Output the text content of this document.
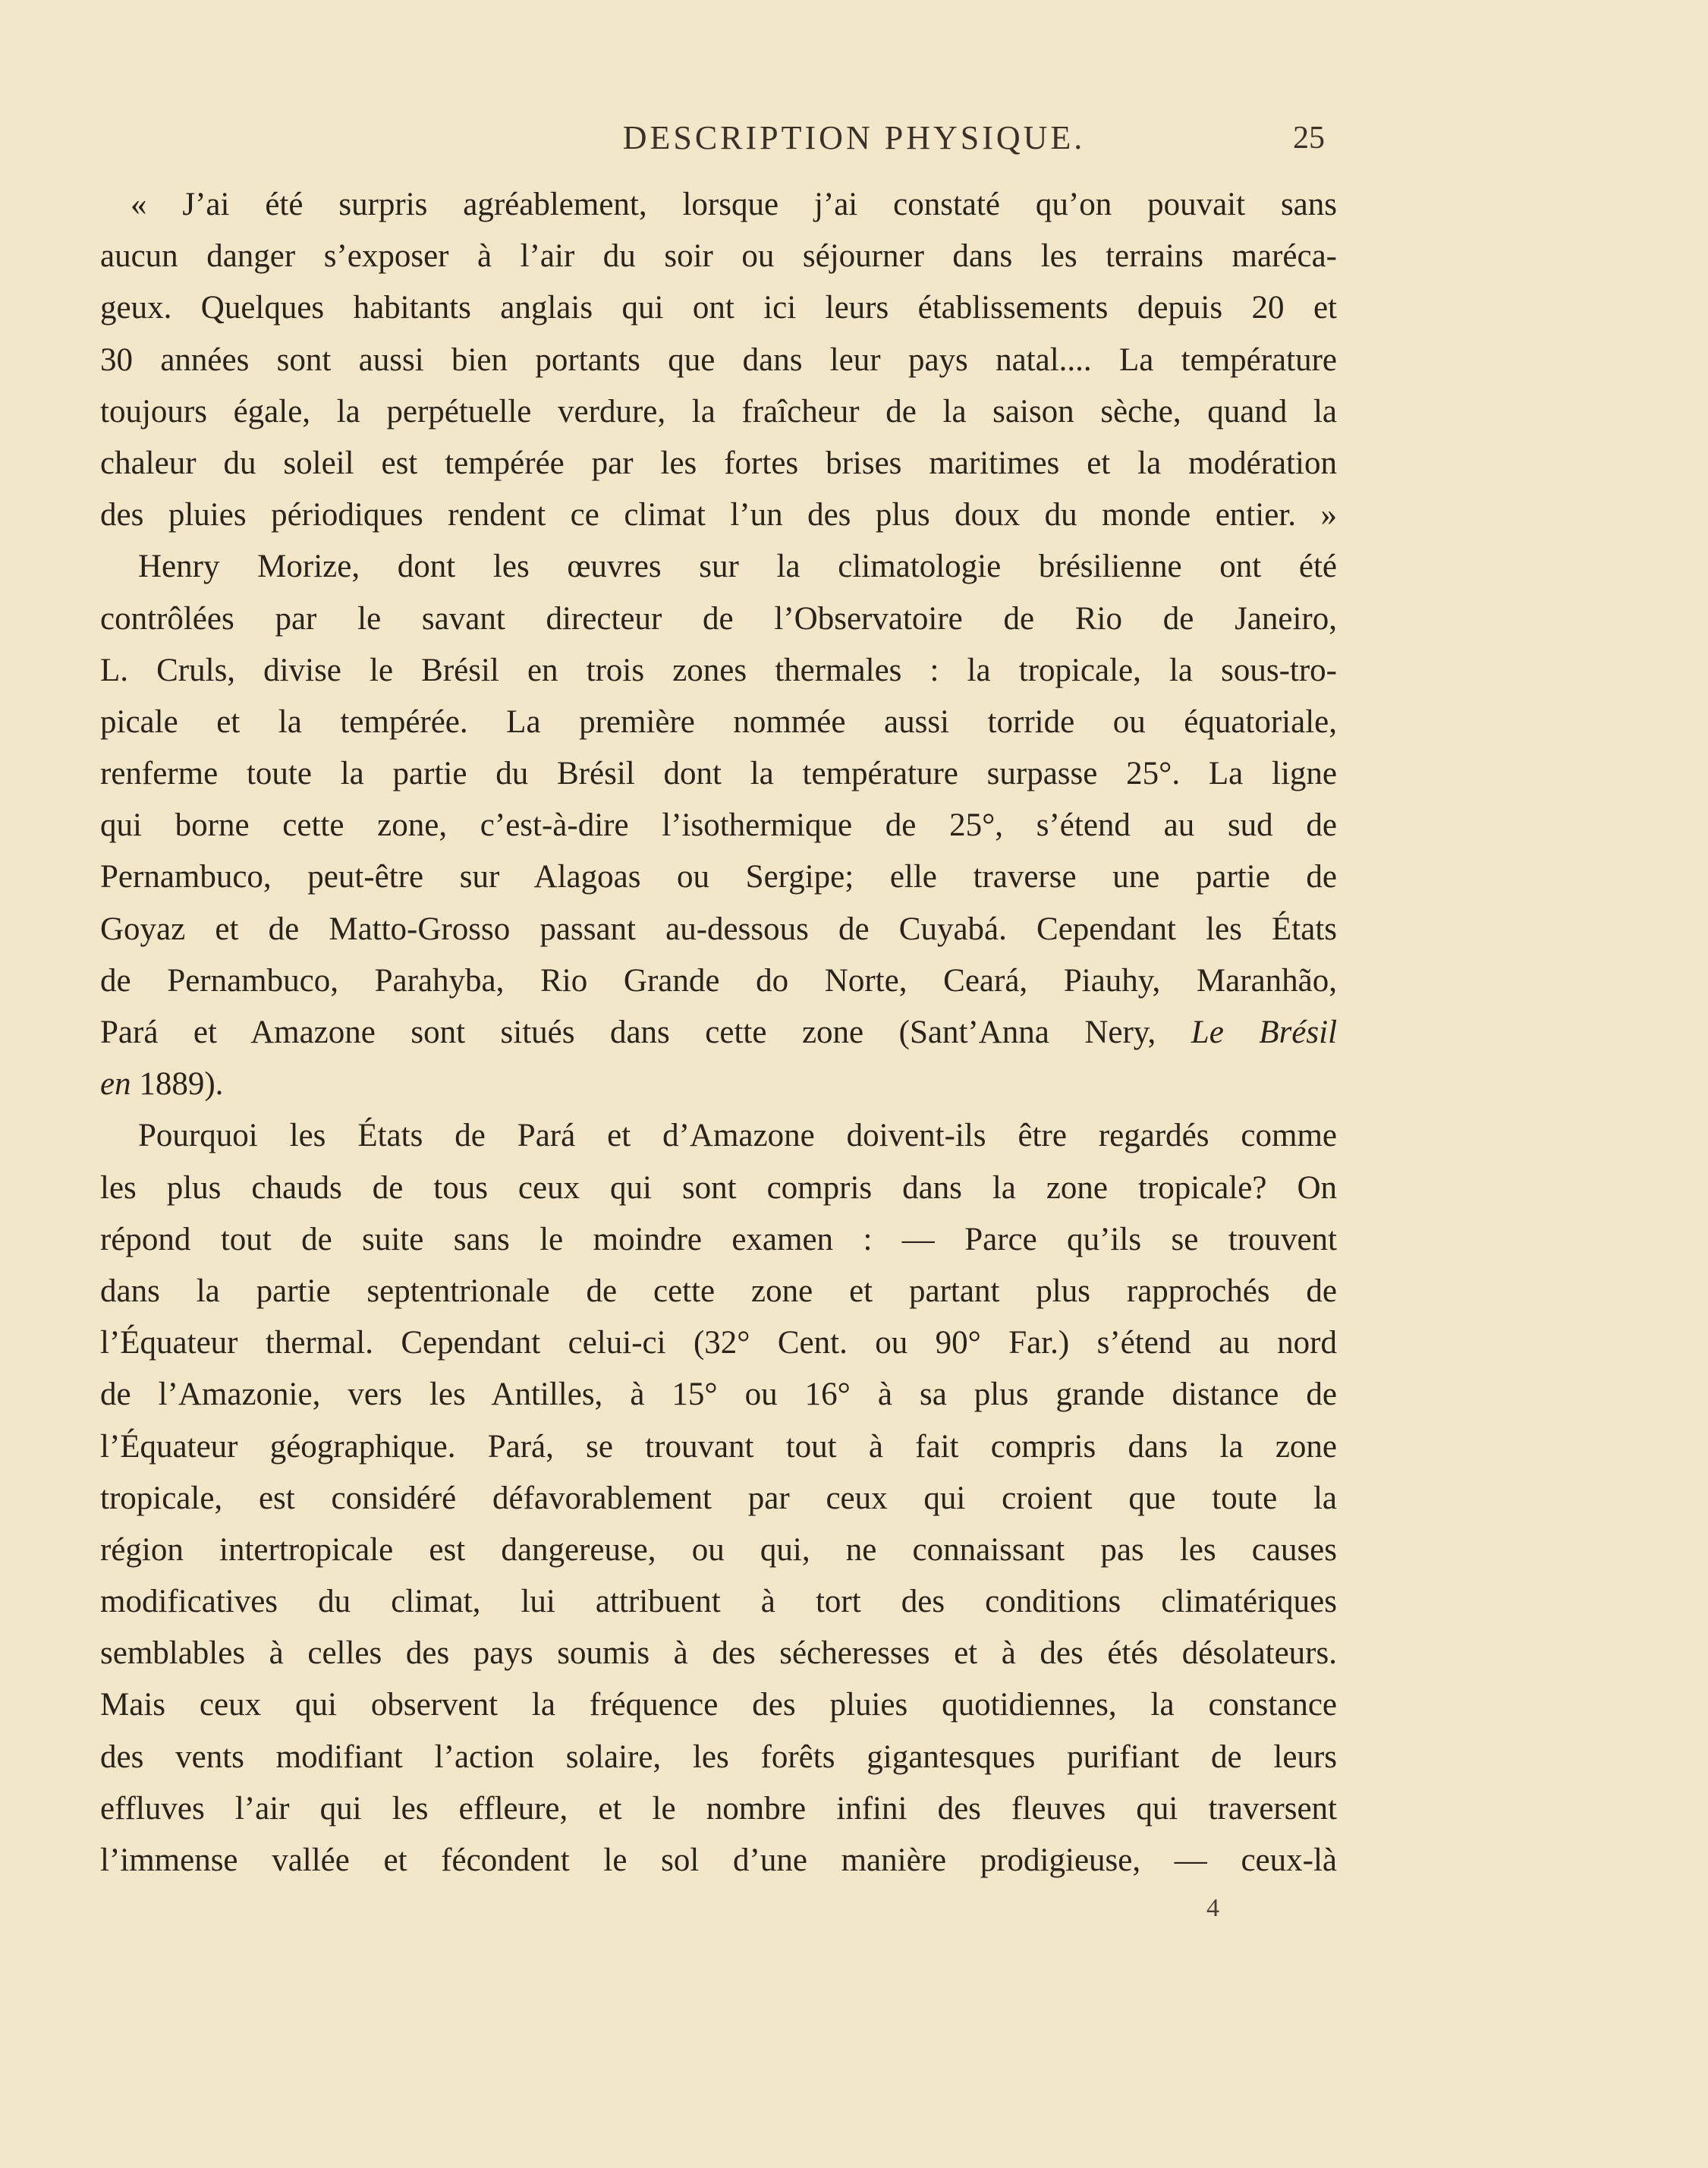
DESCRIPTION PHYSIQUE.	25
« J’ai été surpris agréablement, lorsque j’ai constaté qu’on pouvait sans
aucun danger s’exposer à l’air du soir ou séjourner dans les terrains maréca-
geux. Quelques habitants anglais qui ont ici leurs établissements depuis 20 et
30 années sont aussi bien portants que dans leur pays natal.... La température
toujours égale, la perpétuelle verdure, la fraîcheur de la saison sèche, quand la
chaleur du soleil est tempérée par les fortes brises maritimes et la modération
des pluies périodiques rendent ce climat l’un des plus doux du monde entier. »
Henry Morize, dont les œuvres sur la climatologie brésilienne ont été
contrôlées par le savant directeur de l’Observatoire de Rio de Janeiro,
L. Cruls, divise le Brésil en trois zones thermales : la tropicale, la sous-tro-
picale et la tempérée. La première nommée aussi torride ou équatoriale,
renferme toute la partie du Brésil dont la température surpasse 25°. La ligne
qui borne cette zone, c’est-à-dire l’isothermique de 25°, s’étend au sud de
Pernambuco, peut-être sur Alagoas ou Sergipe; elle traverse une partie de
Goyaz et de Matto-Grosso passant au-dessous de Cuyabá. Cependant les États
de Pernambuco, Parahyba, Rio Grande do Norte, Ceará, Piauhy, Maranhão,
Pará et Amazone sont situés dans cette zone (Sant’Anna Nery, Le Brésil
en 1889).
Pourquoi les États de Pará et d’Amazone doivent-ils être regardés comme
les plus chauds de tous ceux qui sont compris dans la zone tropicale? On
répond tout de suite sans le moindre examen : — Parce qu’ils se trouvent
dans la partie septentrionale de cette zone et partant plus rapprochés de
l’Équateur thermal. Cependant celui-ci (32° Cent. ou 90° Far.) s’étend au nord
de l’Amazonie, vers les Antilles, à 15° ou 16° à sa plus grande distance de
l’Équateur géographique. Pará, se trouvant tout à fait compris dans la zone
tropicale, est considéré défavorablement par ceux qui croient que toute la
région intertropicale est dangereuse, ou qui, ne connaissant pas les causes
modificatives du climat, lui attribuent à tort des conditions climatériques
semblables à celles des pays soumis à des sécheresses et à des étés désolateurs.
Mais ceux qui observent la fréquence des pluies quotidiennes, la constance
des vents modifiant l’action solaire, les forêts gigantesques purifiant de leurs
effluves l’air qui les effleure, et le nombre infini des fleuves qui traversent
l’immense vallée et fécondent le sol d’une manière prodigieuse, — ceux-là
4
